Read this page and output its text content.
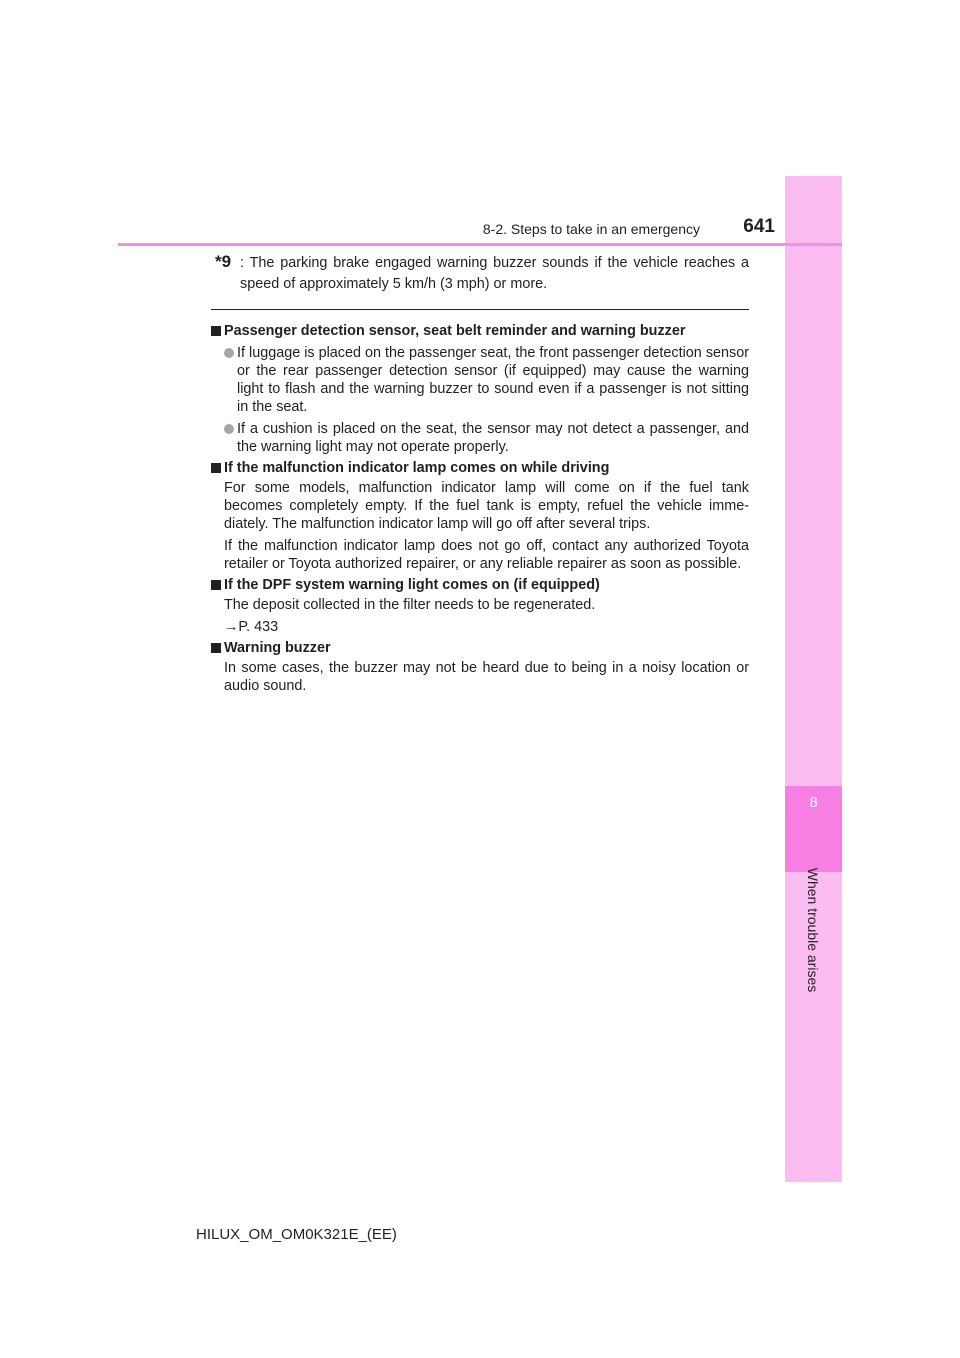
8
When trouble arises
8-2. Steps to take in an emergency	641
*9 : The parking brake engaged warning buzzer sounds if the vehicle reaches a
speed of approximately 5 km/h (3 mph) or more.
Passenger detection sensor, seat belt reminder and warning buzzer
If luggage is placed on the passenger seat, the front passenger detection sensor or the rear passenger detection sensor (if equipped) may cause the warning light to flash and the warning buzzer to sound even if a passenger is not sitting in the seat.
If a cushion is placed on the seat, the sensor may not detect a passenger, and the warning light may not operate properly.
If the malfunction indicator lamp comes on while driving
For some models, malfunction indicator lamp will come on if the fuel tank becomes completely empty. If the fuel tank is empty, refuel the vehicle imme-diately. The malfunction indicator lamp will go off after several trips.
If the malfunction indicator lamp does not go off, contact any authorized Toyota retailer or Toyota authorized repairer, or any reliable repairer as soon as possible.
If the DPF system warning light comes on (if equipped)
The deposit collected in the filter needs to be regenerated.
→P. 433
Warning buzzer
In some cases, the buzzer may not be heard due to being in a noisy location or audio sound.
HILUX_OM_OM0K321E_(EE)
